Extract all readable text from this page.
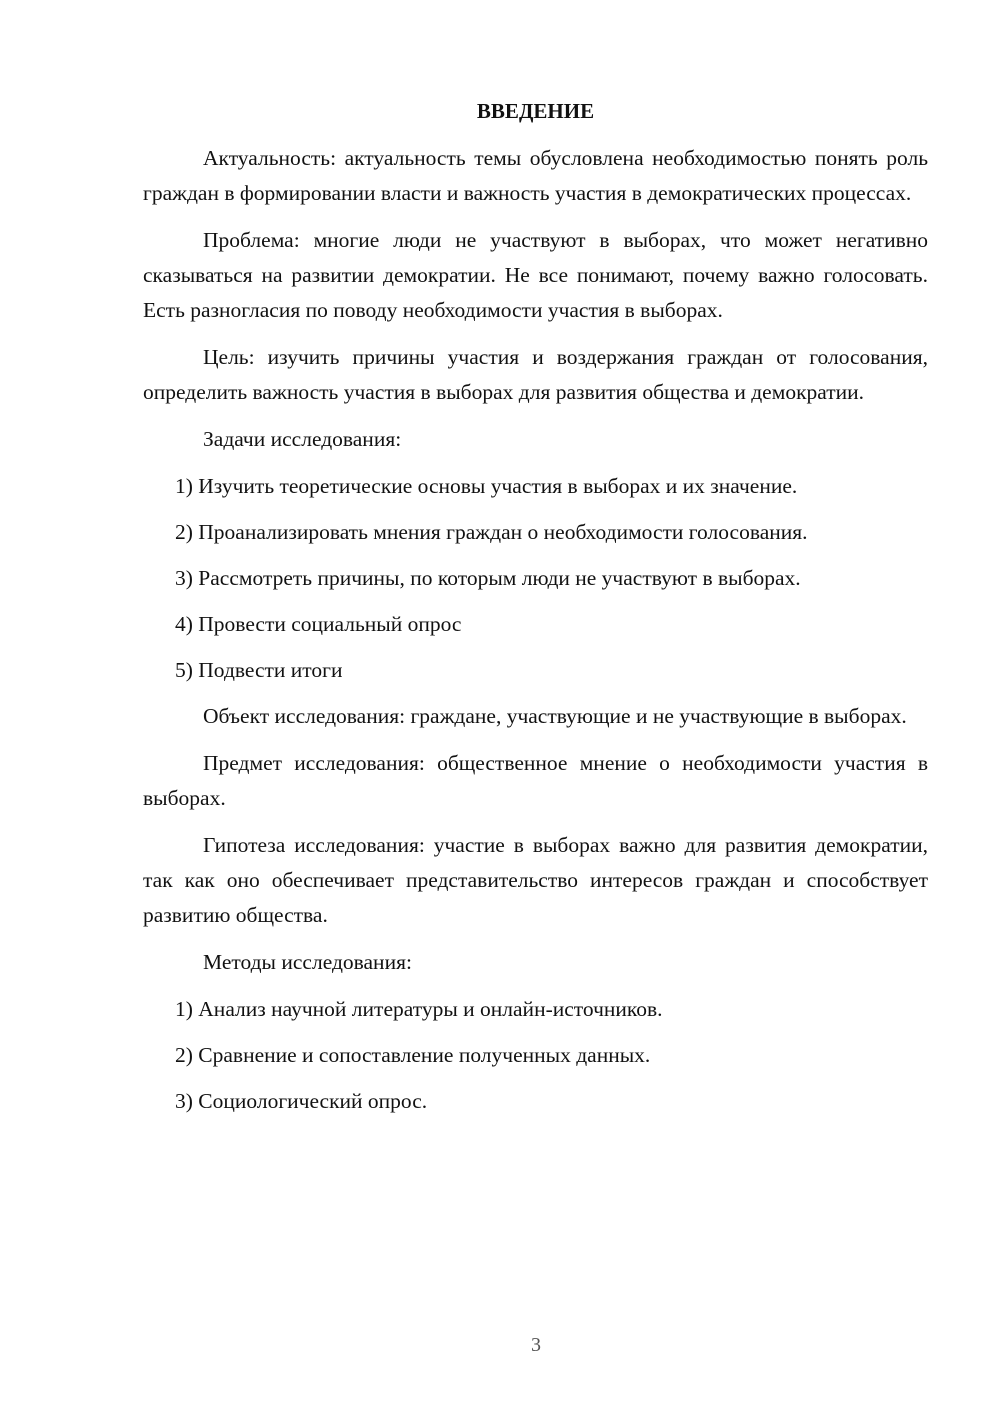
ВВЕДЕНИЕ

Актуальность: актуальность темы обусловлена необходимостью понять роль граждан в формировании власти и важность участия в демократических процессах.

Проблема: многие люди не участвуют в выборах, что может негативно сказываться на развитии демократии. Не все понимают, почему важно голосовать. Есть разногласия по поводу необходимости участия в выборах.

Цель: изучить причины участия и воздержания граждан от голосования, определить важность участия в выборах для развития общества и демократии.

Задачи исследования:

1) Изучить теоретические основы участия в выборах и их значение.

2) Проанализировать мнения граждан о необходимости голосования.

3) Рассмотреть причины, по которым люди не участвуют в выборах.

4) Провести социальный опрос

5) Подвести итоги

Объект исследования: граждане, участвующие и не участвующие в выборах.

Предмет исследования: общественное мнение о необходимости участия в выборах.

Гипотеза исследования: участие в выборах важно для развития демократии, так как оно обеспечивает представительство интересов граждан и способствует развитию общества.

Методы исследования:

1) Анализ научной литературы и онлайн-источников.

2) Сравнение и сопоставление полученных данных.

3) Социологический опрос.

3
